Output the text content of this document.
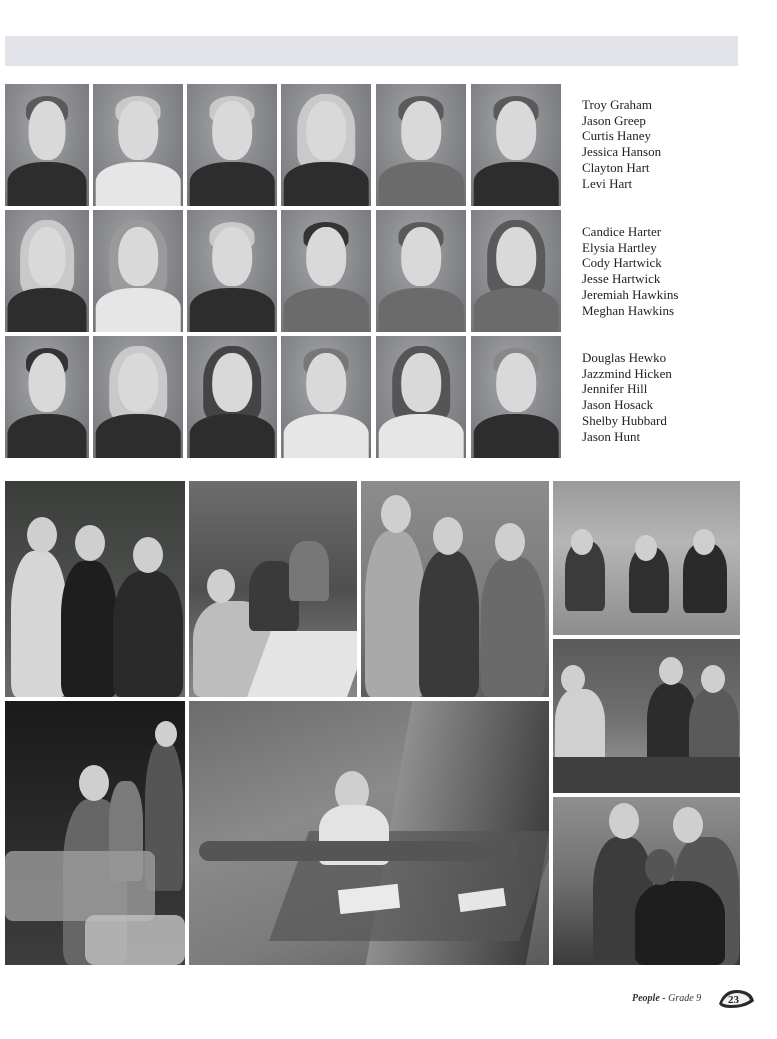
Troy Graham
Jason Greep
Curtis Haney
Jessica Hanson
Clayton Hart
Levi Hart
Candice Harter
Elysia Hartley
Cody Hartwick
Jesse Hartwick
Jeremiah Hawkins
Meghan Hawkins
Douglas Hewko
Jazzmind Hicken
Jennifer Hill
Jason Hosack
Shelby Hubbard
Jason Hunt
People - Grade 9 23
